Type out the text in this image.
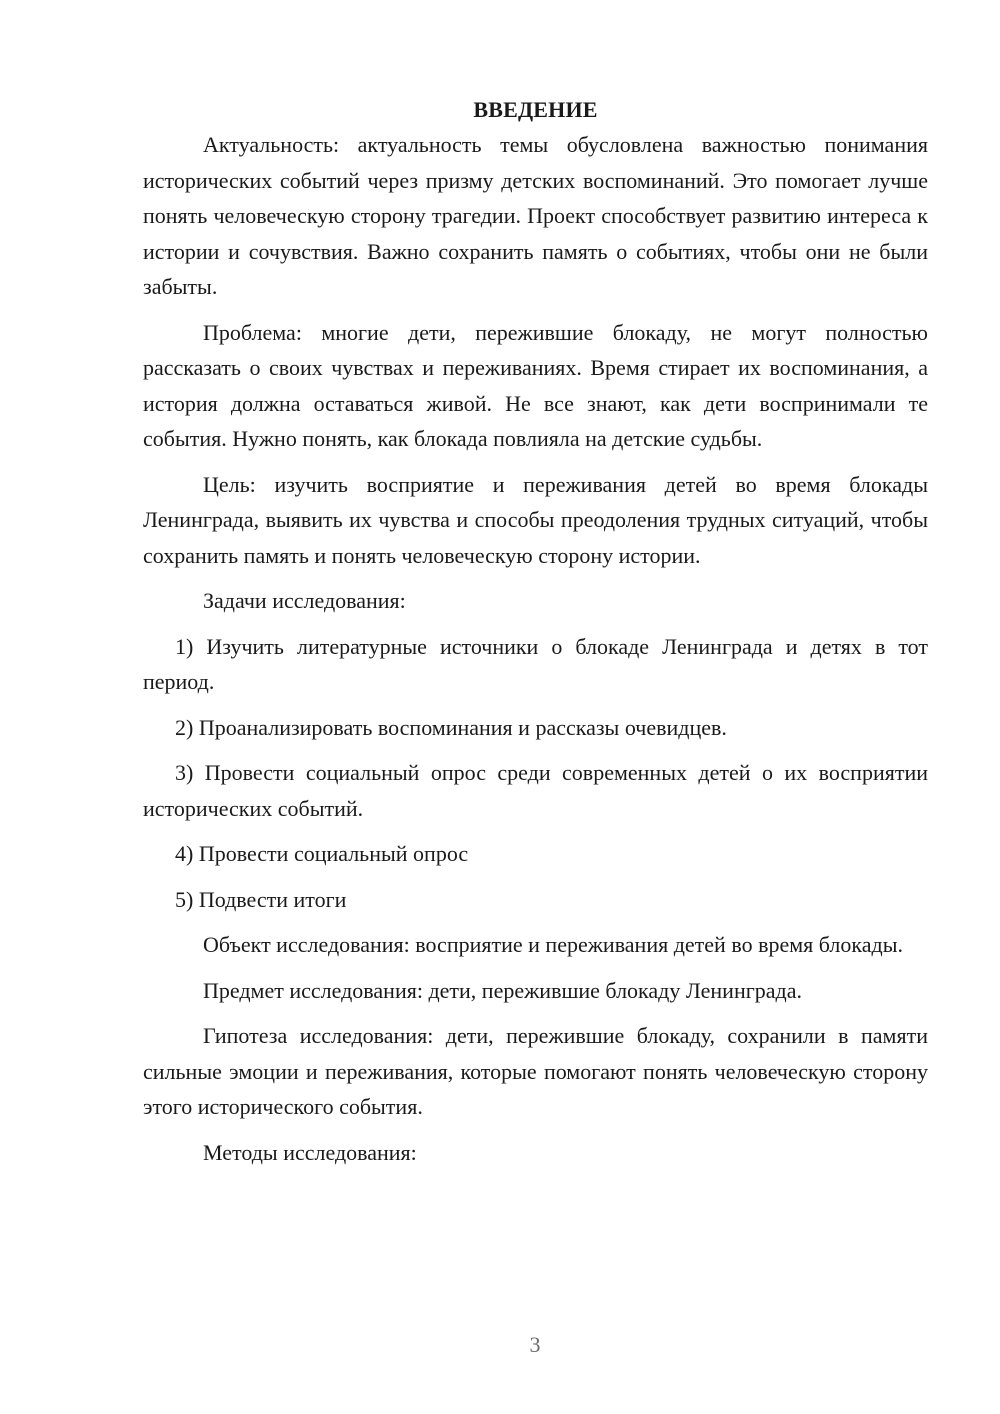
ВВЕДЕНИЕ

Актуальность: актуальность темы обусловлена важностью понимания исторических событий через призму детских воспоминаний. Это помогает лучше понять человеческую сторону трагедии. Проект способствует развитию интереса к истории и сочувствия. Важно сохранить память о событиях, чтобы они не были забыты.

Проблема: многие дети, пережившие блокаду, не могут полностью рассказать о своих чувствах и переживаниях. Время стирает их воспоминания, а история должна оставаться живой. Не все знают, как дети воспринимали те события. Нужно понять, как блокада повлияла на детские судьбы.

Цель: изучить восприятие и переживания детей во время блокады Ленинграда, выявить их чувства и способы преодоления трудных ситуаций, чтобы сохранить память и понять человеческую сторону истории.

Задачи исследования:

1) Изучить литературные источники о блокаде Ленинграда и детях в тот период.

2) Проанализировать воспоминания и рассказы очевидцев.

3) Провести социальный опрос среди современных детей о их восприятии исторических событий.

4) Провести социальный опрос

5) Подвести итоги

Объект исследования: восприятие и переживания детей во время блокады.

Предмет исследования: дети, пережившие блокаду Ленинграда.

Гипотеза исследования: дети, пережившие блокаду, сохранили в памяти сильные эмоции и переживания, которые помогают понять человеческую сторону этого исторического события.

Методы исследования:

3
